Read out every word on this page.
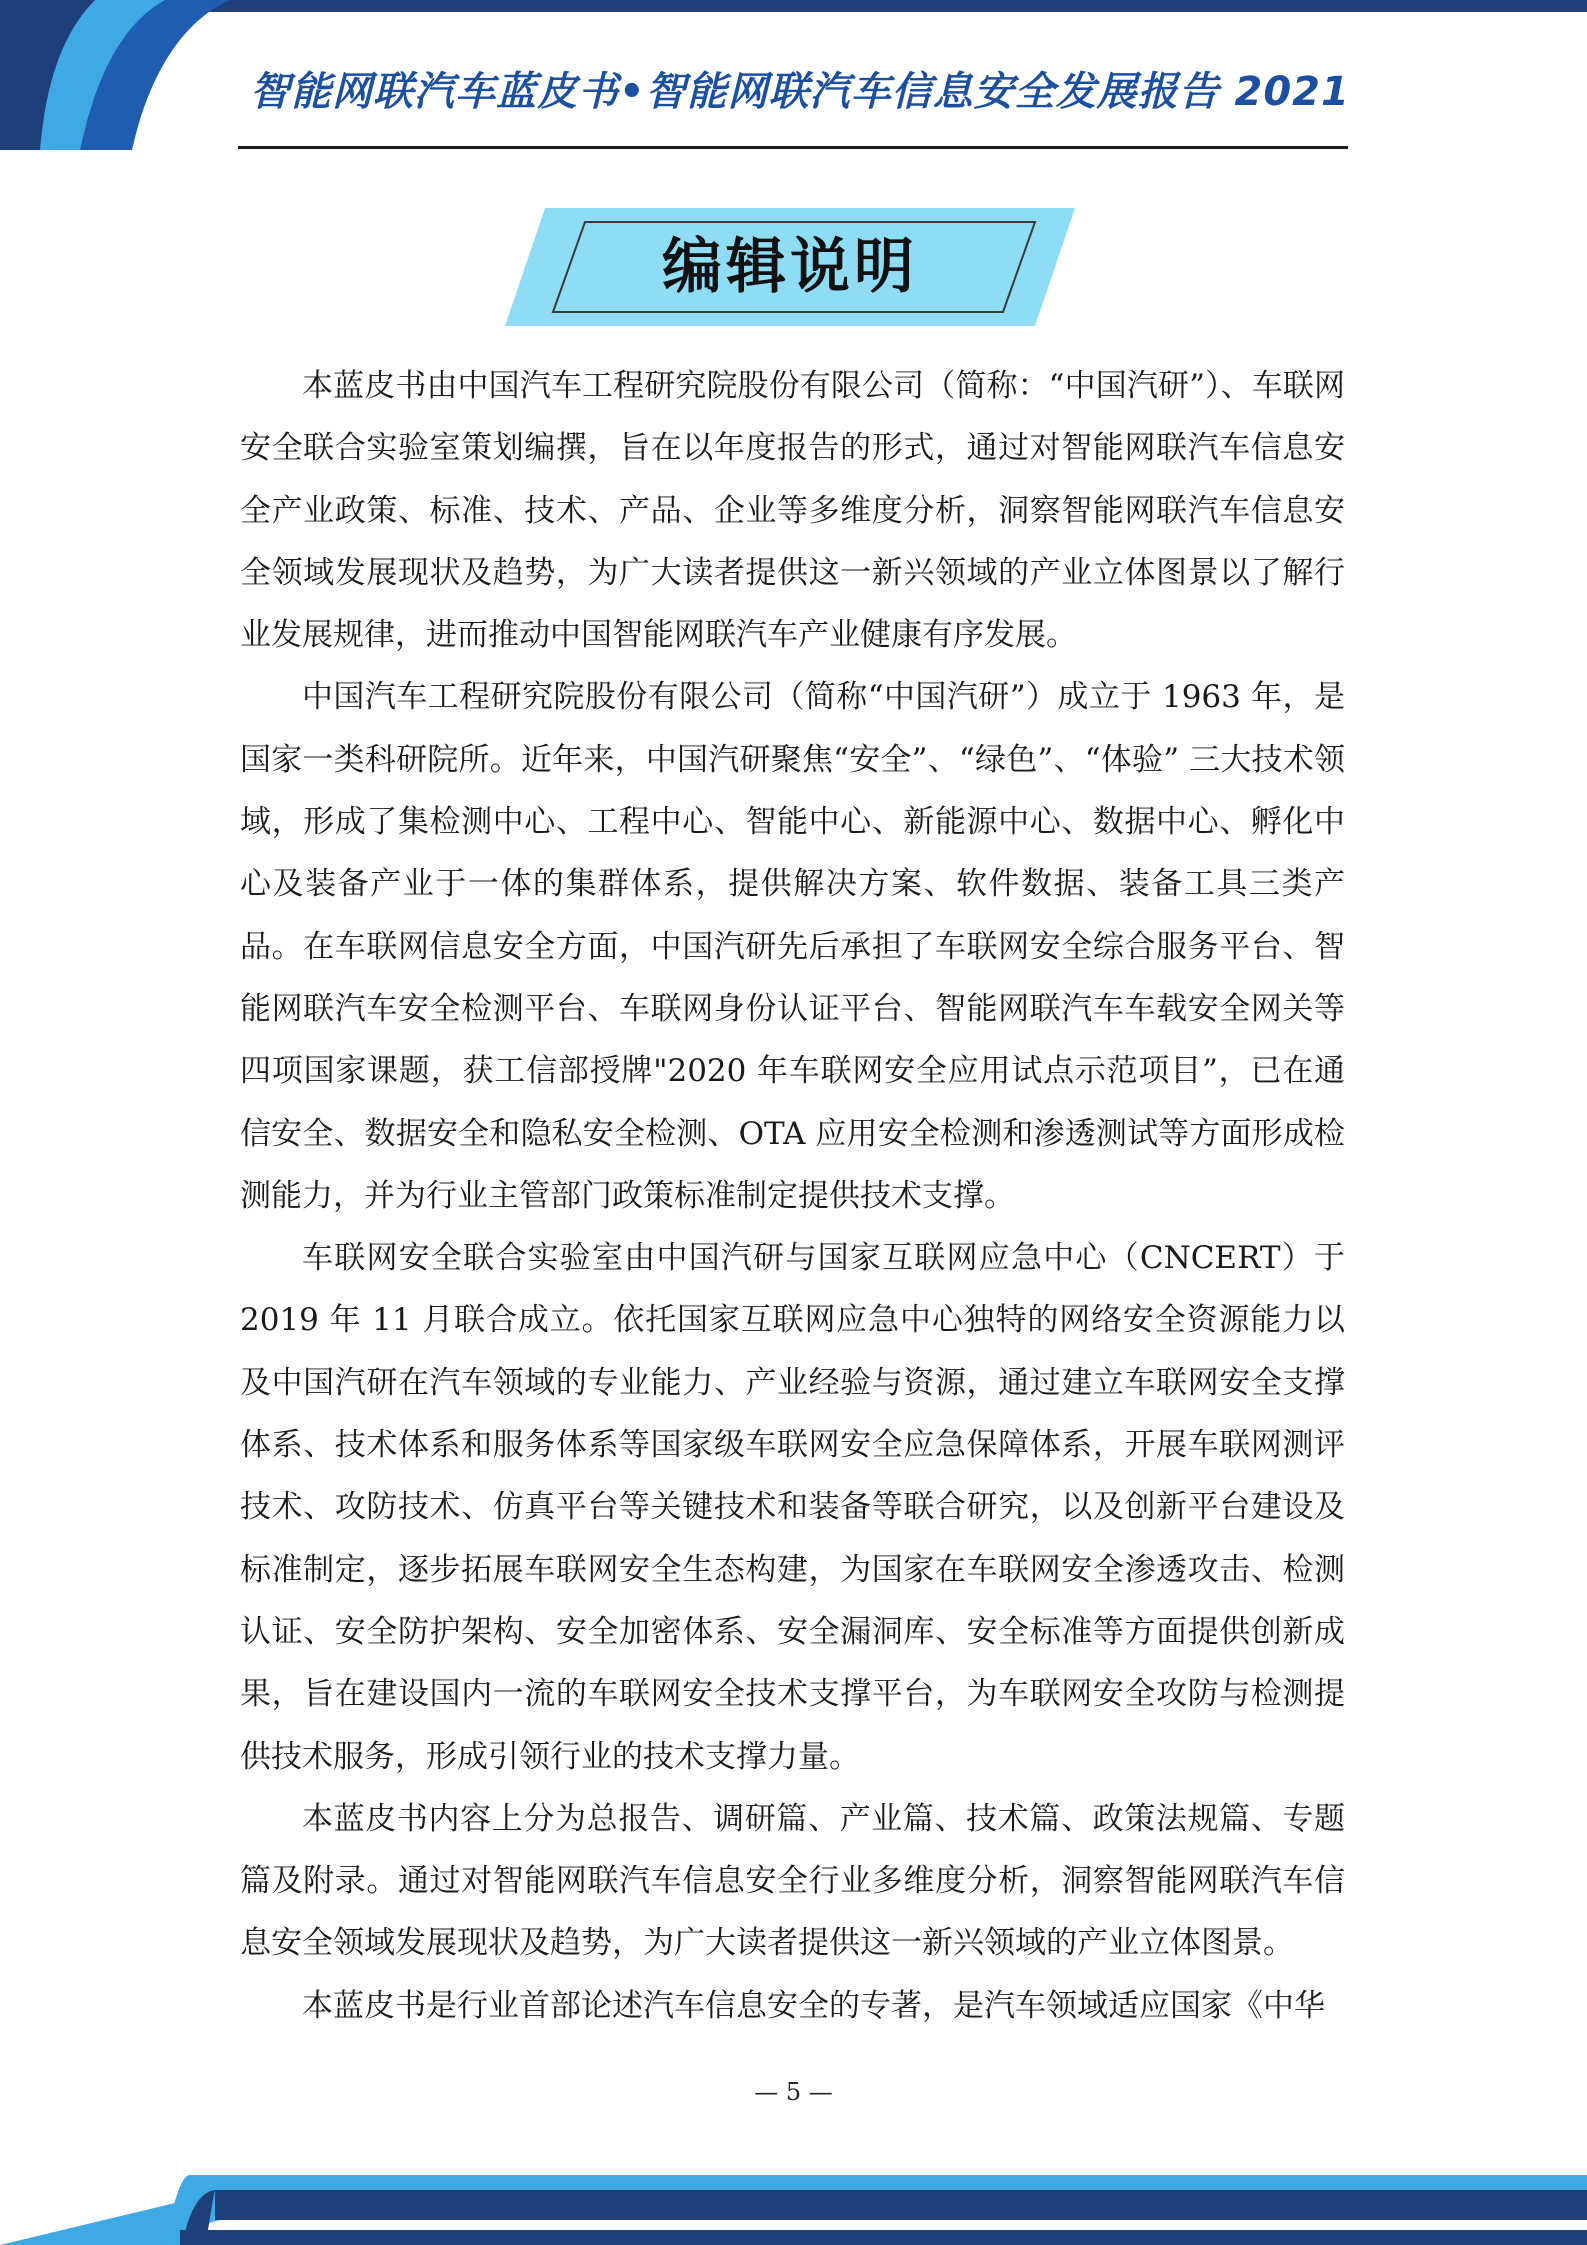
智能网联汽车蓝皮书•智能网联汽车信息安全发展报告 2021
编辑说明

本蓝皮书由中国汽车工程研究院股份有限公司（简称：“中国汽研”）、车联网安全联合实验室策划编撰，旨在以年度报告的形式，通过对智能网联汽车信息安全产业政策、标准、技术、产品、企业等多维度分析，洞察智能网联汽车信息安全领域发展现状及趋势，为广大读者提供这一新兴领域的产业立体图景以了解行业发展规律，进而推动中国智能网联汽车产业健康有序发展。

中国汽车工程研究院股份有限公司（简称“中国汽研”）成立于 1963 年，是国家一类科研院所。近年来，中国汽研聚焦“安全”、“绿色”、“体验” 三大技术领域，形成了集检测中心、工程中心、智能中心、新能源中心、数据中心、孵化中心及装备产业于一体的集群体系，提供解决方案、软件数据、装备工具三类产品。在车联网信息安全方面，中国汽研先后承担了车联网安全综合服务平台、智能网联汽车安全检测平台、车联网身份认证平台、智能网联汽车车载安全网关等四项国家课题，获工信部授牌"2020 年车联网安全应用试点示范项目”，已在通信安全、数据安全和隐私安全检测、OTA 应用安全检测和渗透测试等方面形成检测能力，并为行业主管部门政策标准制定提供技术支撑。

车联网安全联合实验室由中国汽研与国家互联网应急中心（CNCERT）于 2019 年 11 月联合成立。依托国家互联网应急中心独特的网络安全资源能力以及中国汽研在汽车领域的专业能力、产业经验与资源，通过建立车联网安全支撑体系、技术体系和服务体系等国家级车联网安全应急保障体系，开展车联网测评技术、攻防技术、仿真平台等关键技术和装备等联合研究，以及创新平台建设及标准制定，逐步拓展车联网安全生态构建，为国家在车联网安全渗透攻击、检测认证、安全防护架构、安全加密体系、安全漏洞库、安全标准等方面提供创新成果，旨在建设国内一流的车联网安全技术支撑平台，为车联网安全攻防与检测提供技术服务，形成引领行业的技术支撑力量。

本蓝皮书内容上分为总报告、调研篇、产业篇、技术篇、政策法规篇、专题篇及附录。通过对智能网联汽车信息安全行业多维度分析，洞察智能网联汽车信息安全领域发展现状及趋势，为广大读者提供这一新兴领域的产业立体图景。

本蓝皮书是行业首部论述汽车信息安全的专著，是汽车领域适应国家《中华

— 5 —
